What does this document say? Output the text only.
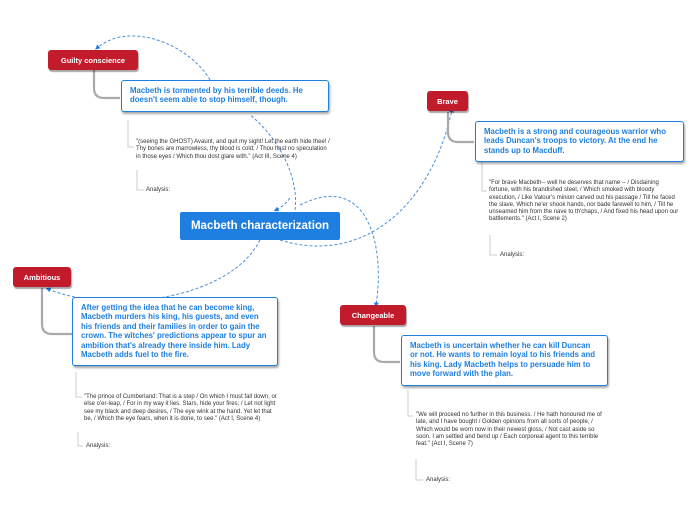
Macbeth characterization
Guilty conscience
Macbeth is tormented by his terrible deeds. He doesn't seem able to stop himself, though.
"(seeing the GHOST) Avaunt, and quit my sight! Let the earth hide thee! / Thy bones are marrowless, thy blood is cold; / Thou hast no speculation in those eyes / Which thou dost glare with." (Act III, Scene 4)
Analysis:
Brave
Macbeth is a strong and courageous warrior who leads Duncan's troops to victory. At the end he stands up to Macduff.
"For brave Macbeth-- well he deserves that name -- / Disdaining fortune, with his brandished steel, / Which smoked with bloody execution, / Like Valour's minion carved out his passage / Till he faced the slave, Which ne'er shook hands, nor bade farewell to him, / Till he unseamed him from the nave to th'chaps, / And fixed his head upon our battlements." (Act I, Scene 2)
Analysis:
Ambitious
After getting the idea that he can become king, Macbeth murders his king, his guests, and even his friends and their families in order to gain the crown. The witches' predictions appear to spur an ambition that's already there inside him. Lady Macbeth adds fuel to the fire.
"The prince of Cumberland: That is a step / On which I must fall down, or else o'er-leap, / For in my way it lies. Stars, hide your fires; / Let not light see my black and deep desires, / The eye wink at the hand. Yet let that be, / Which the eye fears, when it is done, to see." (Act I, Scene 4)
Analysis:
Changeable
Macbeth is uncertain whether he can kill Duncan or not. He wants to remain loyal to his friends and his king. Lady Macbeth helps to persuade him to move forward with the plan.
"We will proceed no further in this business. / He hath honoured me of late, and I have bought / Golden opinions from all sorts of people, / Which would be worn now in their newest gloss, / Not cast aside so soon. I am settled and bend up / Each corporeal agent to this terrible feat." (Act I, Scene 7)
Analysis:
